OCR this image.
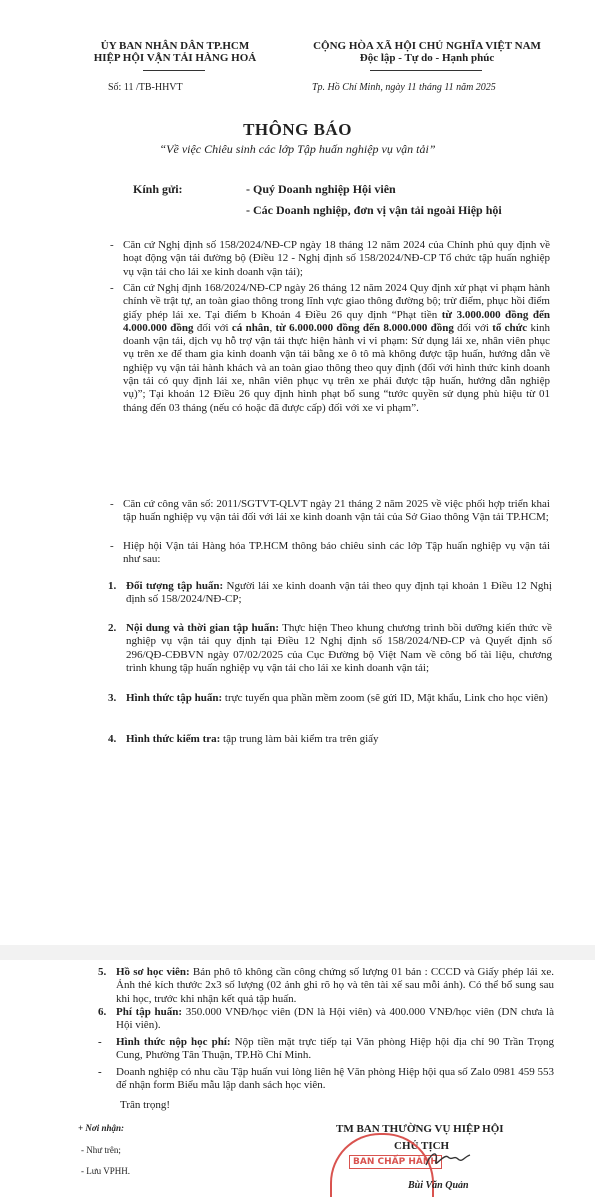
ỦY BAN NHÂN DÂN TP.HCM
HIỆP HỘI VẬN TẢI HÀNG HOÁ
Số: 11 /TB-HHVT
CỘNG HÒA XÃ HỘI CHỦ NGHĨA VIỆT NAM
Độc lập - Tự do - Hạnh phúc
Tp. Hồ Chí Minh, ngày 11 tháng 11 năm 2025
THÔNG BÁO
“Về việc Chiêu sinh các lớp Tập huấn nghiệp vụ vận tải”
Kính gửi:	- Quý Doanh nghiệp Hội viên
- Các Doanh nghiệp, đơn vị vận tải ngoài Hiệp hội
- Căn cứ Nghị định số 158/2024/NĐ-CP ngày 18 tháng 12 năm 2024 của Chính phủ quy định về hoạt động vận tải đường bộ (Điều 12 - Nghị định số 158/2024/NĐ-CP Tổ chức tập huấn nghiệp vụ vận tải cho lái xe kinh doanh vận tải);
- Căn cứ Nghị định 168/2024/NĐ-CP ngày 26 tháng 12 năm 2024 Quy định xử phạt vi phạm hành chính về trật tự, an toàn giao thông trong lĩnh vực giao thông đường bộ; trừ điểm, phục hồi điểm giấy phép lái xe. Tại điểm b Khoản 4 Điều 26 quy định “Phạt tiền từ 3.000.000 đồng đến 4.000.000 đồng đối với cá nhân, từ 6.000.000 đồng đến 8.000.000 đồng đối với tổ chức kinh doanh vận tải, dịch vụ hỗ trợ vận tải thực hiện hành vi vi phạm: Sử dụng lái xe, nhân viên phục vụ trên xe để tham gia kinh doanh vận tải bằng xe ô tô mà không được tập huấn, hướng dẫn về nghiệp vụ vận tải hành khách và an toàn giao thông theo quy định (đối với hình thức kinh doanh vận tải có quy định lái xe, nhân viên phục vụ trên xe phải được tập huấn, hướng dẫn nghiệp vụ)”; Tại khoản 12 Điều 26 quy định hình phạt bổ sung “tước quyền sử dụng phù hiệu từ 01 tháng đến 03 tháng (nếu có hoặc đã được cấp) đối với xe vi phạm”.
- Căn cứ công văn số: 2011/SGTVT-QLVT ngày 21 tháng 2 năm 2025 về việc phối hợp triển khai tập huấn nghiệp vụ vận tải đối với lái xe kinh doanh vận tải của Sở Giao thông Vận tải TP.HCM;
- Hiệp hội Vận tải Hàng hóa TP.HCM thông báo chiêu sinh các lớp Tập huấn nghiệp vụ vận tải như sau:
1. Đối tượng tập huấn: Người lái xe kinh doanh vận tải theo quy định tại khoản 1 Điều 12 Nghị định số 158/2024/NĐ-CP;
2. Nội dung và thời gian tập huấn: Thực hiện Theo khung chương trình bồi dưỡng kiến thức về nghiệp vụ vận tải quy định tại Điều 12 Nghị định số 158/2024/NĐ-CP và Quyết định số 296/QĐ-CĐBVN ngày 07/02/2025 của Cục Đường bộ Việt Nam về công bố tài liệu, chương trình khung tập huấn nghiệp vụ vận tải cho lái xe kinh doanh vận tải;
3. Hình thức tập huấn: trực tuyến qua phần mềm zoom (sẽ gửi ID, Mật khẩu, Link cho học viên)
4. Hình thức kiểm tra: tập trung làm bài kiểm tra trên giấy
5. Hồ sơ học viên: Bản phô tô không cần công chứng số lượng 01 bản : CCCD và Giấy phép lái xe. Ảnh thẻ kích thước 2x3 số lượng (02 ảnh ghi rõ họ và tên tài xế sau mỗi ảnh). Có thể bổ sung sau khi học, trước khi nhận kết quả tập huấn.
6. Phí tập huấn: 350.000 VNĐ/học viên (DN là Hội viên) và 400.000 VNĐ/học viên (DN chưa là Hội viên).
- Hình thức nộp học phí: Nộp tiền mặt trực tiếp tại Văn phòng Hiệp hội địa chỉ 90 Trần Trọng Cung, Phường Tân Thuận, TP.Hồ Chí Minh.
- Doanh nghiệp có nhu cầu Tập huấn vui lòng liên hệ Văn phòng Hiệp hội qua số Zalo 0981 459 553 để nhận form Biểu mẫu lập danh sách học viên.
Trân trọng!
+ Nơi nhận:
- Như trên;
- Lưu VPHH.
TM BAN THƯỜNG VỤ HIỆP HỘI
CHỦ TỊCH
BAN CHẤP HÀNH
Bùi Văn Quản
